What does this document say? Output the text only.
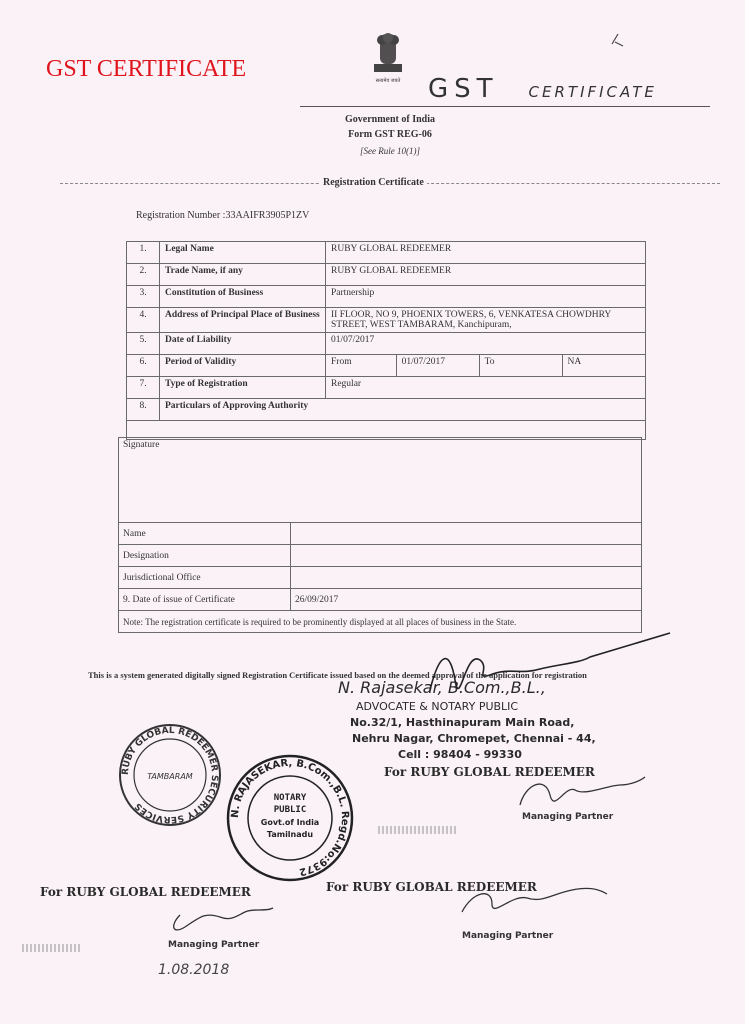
GST CERTIFICATE	सत्यमेव जयते GST CERTIFICATE
Government of India
Form GST REG-06
[See Rule 10(1)]
Registration Certificate
Registration Number :33AAIFR3905P1ZV
1.	Legal Name	RUBY GLOBAL REDEEMER
2.	Trade Name, if any	RUBY GLOBAL REDEEMER
3.	Constitution of Business	Partnership
4.	Address of Principal Place of Business	II FLOOR, NO 9, PHOENIX TOWERS, 6, VENKATESA CHOWDHRY STREET, WEST TAMBARAM, Kanchipuram,
5.	Date of Liability	01/07/2017
6.	Period of Validity		From	01/07/2017	To	NA

7.	Type of Registration	Regular
8.	Particulars of Approving Authority

Signature	
Name	
Designation	
Jurisdictional Office	
9. Date of issue of Certificate	26/09/2017
Note: The registration certificate is required to be prominently displayed at all places of business in the State.	
This is a system generated digitally signed Registration Certificate issued based on the deemed approval of the application for registration
N. Rajasekar, B.Com.,B.L.,
ADVOCATE & NOTARY PUBLIC
No.32/1, Hasthinapuram Main Road,
Nehru Nagar, Chromepet, Chennai - 44,
Cell : 98404 - 99330
For RUBY GLOBAL REDEEMER
For RUBY GLOBAL REDEEMER	For RUBY GLOBAL REDEEMER
Managing Partner
Managing Partner
Managing Partner
1.08.2018
RUBY GLOBAL REDEEMER SECURITY SERVICES
TAMBARAM
N. RAJASEKAR, B.Com.,B.L. Regd.No:9372
NOTARY
PUBLIC
Govt.of India
Tamilnadu
